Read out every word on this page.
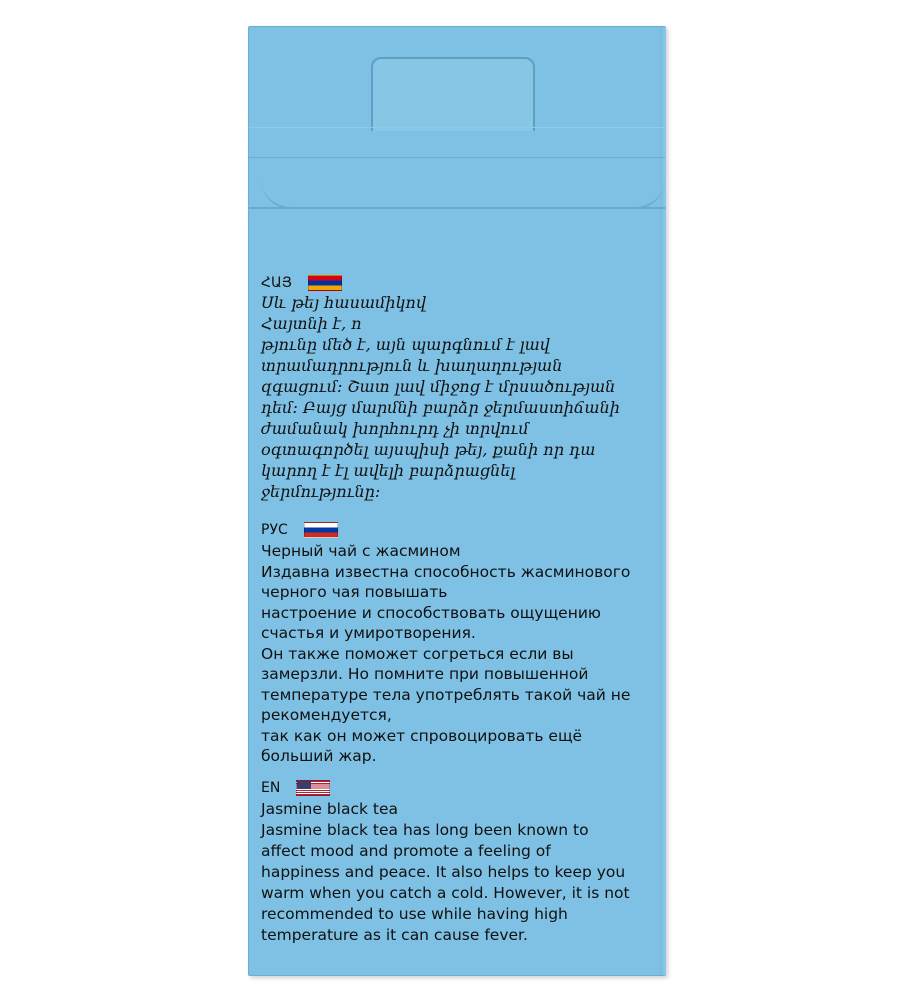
ՀԱՅ

Սև թեյ հասամիկով

Հայտնի է, ո
թյունը մեծ է, այն պարգնում է լավ
տրամադրություն և խաղաղության
զգացում: Շատ լավ միջոց է մրսածության
դեմ: Բայց մարմնի բարձր ջերմաստիճանի
ժամանակ խորհուրդ չի տրվում
օգտագործել այսպիսի թեյ, քանի որ դա
կարող է էլ ավելի բարձրացնել
ջերմությունը:

РУС

Черный чай с жасмином

Издавна известна способность жасминового
черного чая повышать
настроение и способствовать ощущению
счастья и умиротворения.
Он также поможет согреться если вы
замерзли. Но помните при повышенной
температуре тела употреблять такой чай не
рекомендуется,
так как он может спровоцировать ещё
больший жар.

EN

Jasmine black tea

Jasmine black tea has long been known to
affect mood and promote a feeling of
happiness and peace. It also helps to keep you
warm when you catch a cold. However, it is not
recommended to use while having high
temperature as it can cause fever.
